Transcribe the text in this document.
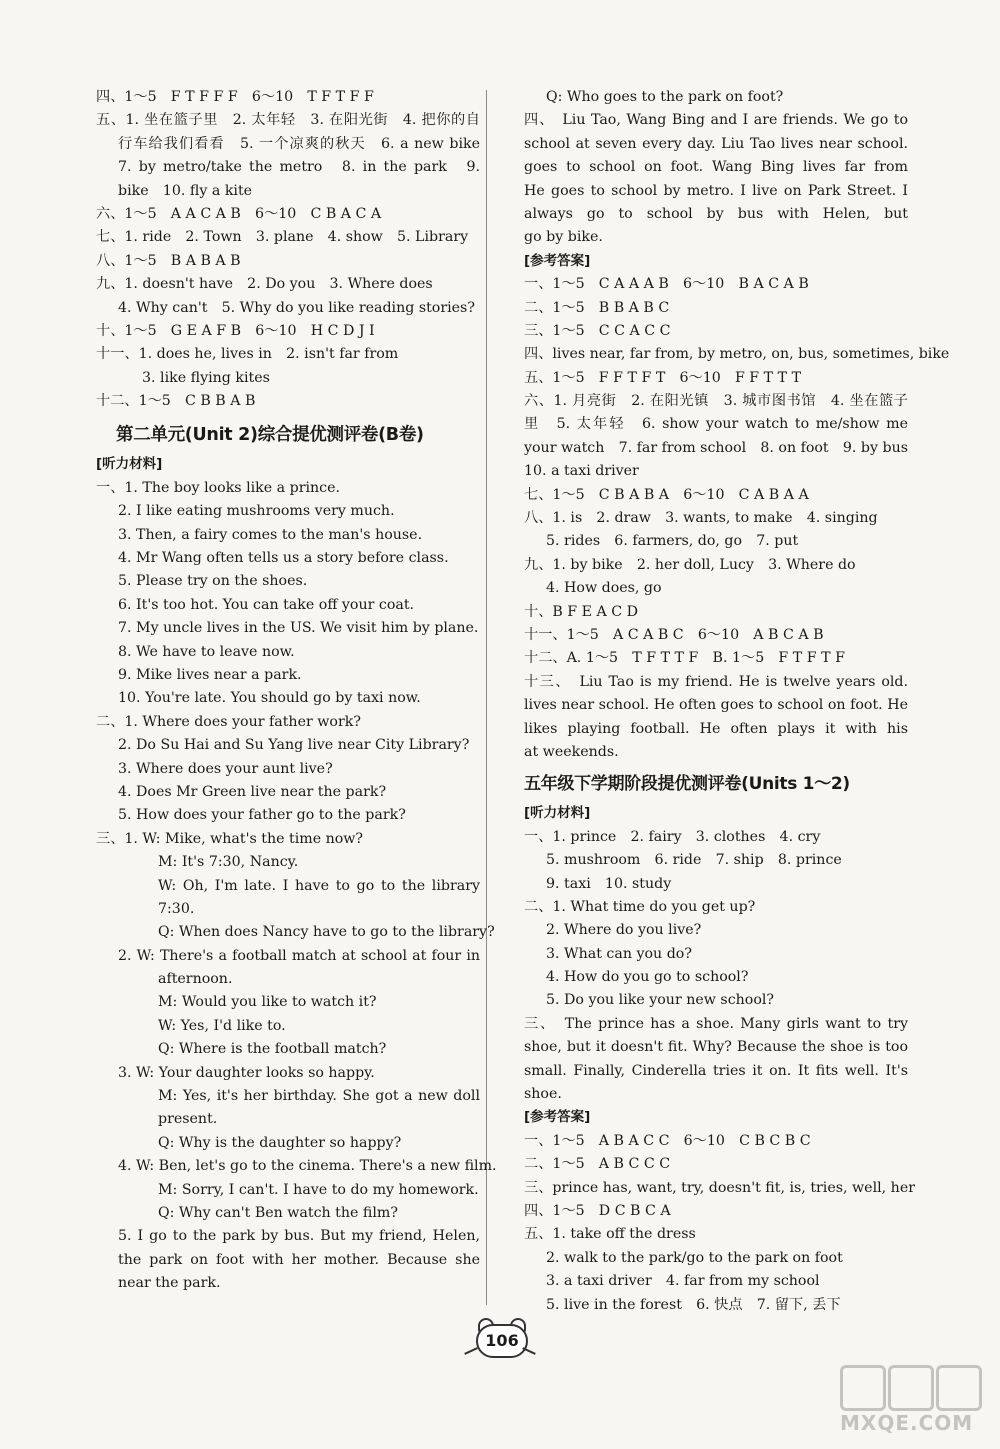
四、1～5　F T F F F　6～10　T F T F F
五、1. 坐在篮子里　2. 太年轻　3. 在阳光街　4. 把你的自
行车给我们看看　5. 一个凉爽的秋天　6. a new bike
7. by metro/take the metro　8. in the park　9.
bike　10. fly a kite
六、1～5　A A C A B　6～10　C B A C A
七、1. ride　2. Town　3. plane　4. show　5. Library
八、1～5　B A B A B
九、1. doesn't have　2. Do you　3. Where does
4. Why can't　5. Why do you like reading stories?
十、1～5　G E A F B　6～10　H C D J I
十一、1. does he, lives in　2. isn't far from
3. like flying kites
十二、1～5　C B B A B
第二单元(Unit 2)综合提优测评卷(B卷)
[听力材料]
一、1. The boy looks like a prince.
2. I like eating mushrooms very much.
3. Then, a fairy comes to the man's house.
4. Mr Wang often tells us a story before class.
5. Please try on the shoes.
6. It's too hot. You can take off your coat.
7. My uncle lives in the US. We visit him by plane.
8. We have to leave now.
9. Mike lives near a park.
10. You're late. You should go by taxi now.
二、1. Where does your father work?
2. Do Su Hai and Su Yang live near City Library?
3. Where does your aunt live?
4. Does Mr Green live near the park?
5. How does your father go to the park?
三、1. W: Mike, what's the time now?
M: It's 7:30, Nancy.
W: Oh, I'm late. I have to go to the library
7:30.
Q: When does Nancy have to go to the library?
2. W: There's a football match at school at four in
afternoon.
M: Would you like to watch it?
W: Yes, I'd like to.
Q: Where is the football match?
3. W: Your daughter looks so happy.
M: Yes, it's her birthday. She got a new doll
present.
Q: Why is the daughter so happy?
4. W: Ben, let's go to the cinema. There's a new film.
M: Sorry, I can't. I have to do my homework.
Q: Why can't Ben watch the film?
5. I go to the park by bus. But my friend, Helen,
the park on foot with her mother. Because she
near the park.
Q: Who goes to the park on foot?
四、　Liu Tao, Wang Bing and I are friends. We go to
school at seven every day. Liu Tao lives near school.
goes to school on foot. Wang Bing lives far from
He goes to school by metro. I live on Park Street. I
always go to school by bus with Helen, but
go by bike.
[参考答案]
一、1～5　C A A A B　6～10　B A C A B
二、1～5　B B A B C
三、1～5　C C A C C
四、lives near, far from, by metro, on, bus, sometimes, bike
五、1～5　F F T F T　6～10　F F T T T
六、1. 月亮街　2. 在阳光镇　3. 城市图书馆　4. 坐在篮子
里　5. 太年轻　6. show your watch to me/show me
your watch　7. far from school　8. on foot　9. by bus
10. a taxi driver
七、1～5　C B A B A　6～10　C A B A A
八、1. is　2. draw　3. wants, to make　4. singing
5. rides　6. farmers, do, go　7. put
九、1. by bike　2. her doll, Lucy　3. Where do
4. How does, go
十、B F E A C D
十一、1～5　A C A B C　6～10　A B C A B
十二、A. 1～5　T F T T F　B. 1～5　F T F T F
十三、　Liu Tao is my friend. He is twelve years old.
lives near school. He often goes to school on foot. He
likes playing football. He often plays it with his
at weekends.
五年级下学期阶段提优测评卷(Units 1～2)
[听力材料]
一、1. prince　2. fairy　3. clothes　4. cry
5. mushroom　6. ride　7. ship　8. prince
9. taxi　10. study
二、1. What time do you get up?
2. Where do you live?
3. What can you do?
4. How do you go to school?
5. Do you like your new school?
三、　The prince has a shoe. Many girls want to try
shoe, but it doesn't fit. Why? Because the shoe is too
small. Finally, Cinderella tries it on. It fits well. It's
shoe.
[参考答案]
一、1～5　A B A C C　6～10　C B C B C
二、1～5　A B C C C
三、prince has, want, try, doesn't fit, is, tries, well, her
四、1～5　D C B C A
五、1. take off the dress
2. walk to the park/go to the park on foot
3. a taxi driver　4. far from my school
5. live in the forest　6. 快点　7. 留下, 丢下
106
MXQE.COM
